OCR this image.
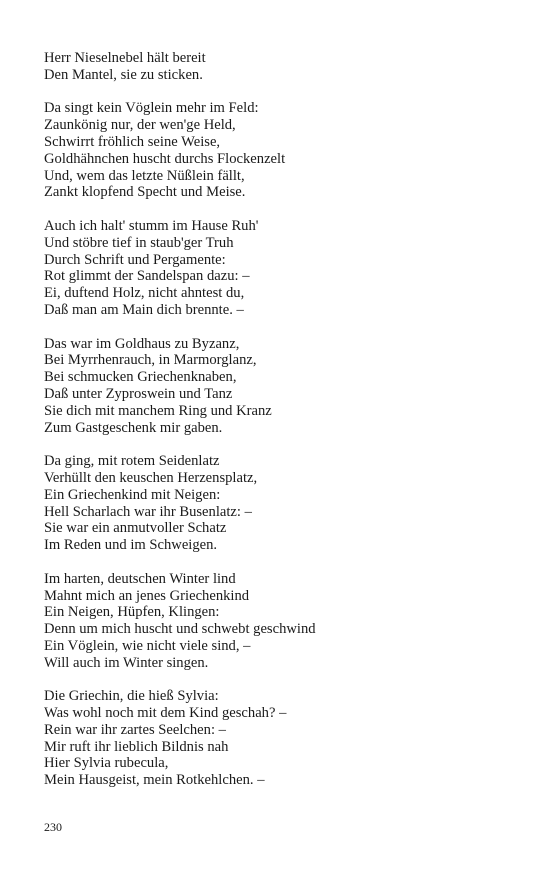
Herr Nieselnebel hält bereit
Den Mantel, sie zu sticken.
Da singt kein Vöglein mehr im Feld:
Zaunkönig nur, der wen'ge Held,
Schwirrt fröhlich seine Weise,
Goldhähnchen huscht durchs Flockenzelt
Und, wem das letzte Nüßlein fällt,
Zankt klopfend Specht und Meise.
Auch ich halt' stumm im Hause Ruh'
Und stöbre tief in staub'ger Truh
Durch Schrift und Pergamente:
Rot glimmt der Sandelspan dazu: –
Ei, duftend Holz, nicht ahntest du,
Daß man am Main dich brennte. –
Das war im Goldhaus zu Byzanz,
Bei Myrrhenrauch, in Marmorglanz,
Bei schmucken Griechenknaben,
Daß unter Zyproswein und Tanz
Sie dich mit manchem Ring und Kranz
Zum Gastgeschenk mir gaben.
Da ging, mit rotem Seidenlatz
Verhüllt den keuschen Herzensplatz,
Ein Griechenkind mit Neigen:
Hell Scharlach war ihr Busenlatz: –
Sie war ein anmutvoller Schatz
Im Reden und im Schweigen.
Im harten, deutschen Winter lind
Mahnt mich an jenes Griechenkind
Ein Neigen, Hüpfen, Klingen:
Denn um mich huscht und schwebt geschwind
Ein Vöglein, wie nicht viele sind, –
Will auch im Winter singen.
Die Griechin, die hieß Sylvia:
Was wohl noch mit dem Kind geschah? –
Rein war ihr zartes Seelchen: –
Mir ruft ihr lieblich Bildnis nah
Hier Sylvia rubecula,
Mein Hausgeist, mein Rotkehlchen. –
230
